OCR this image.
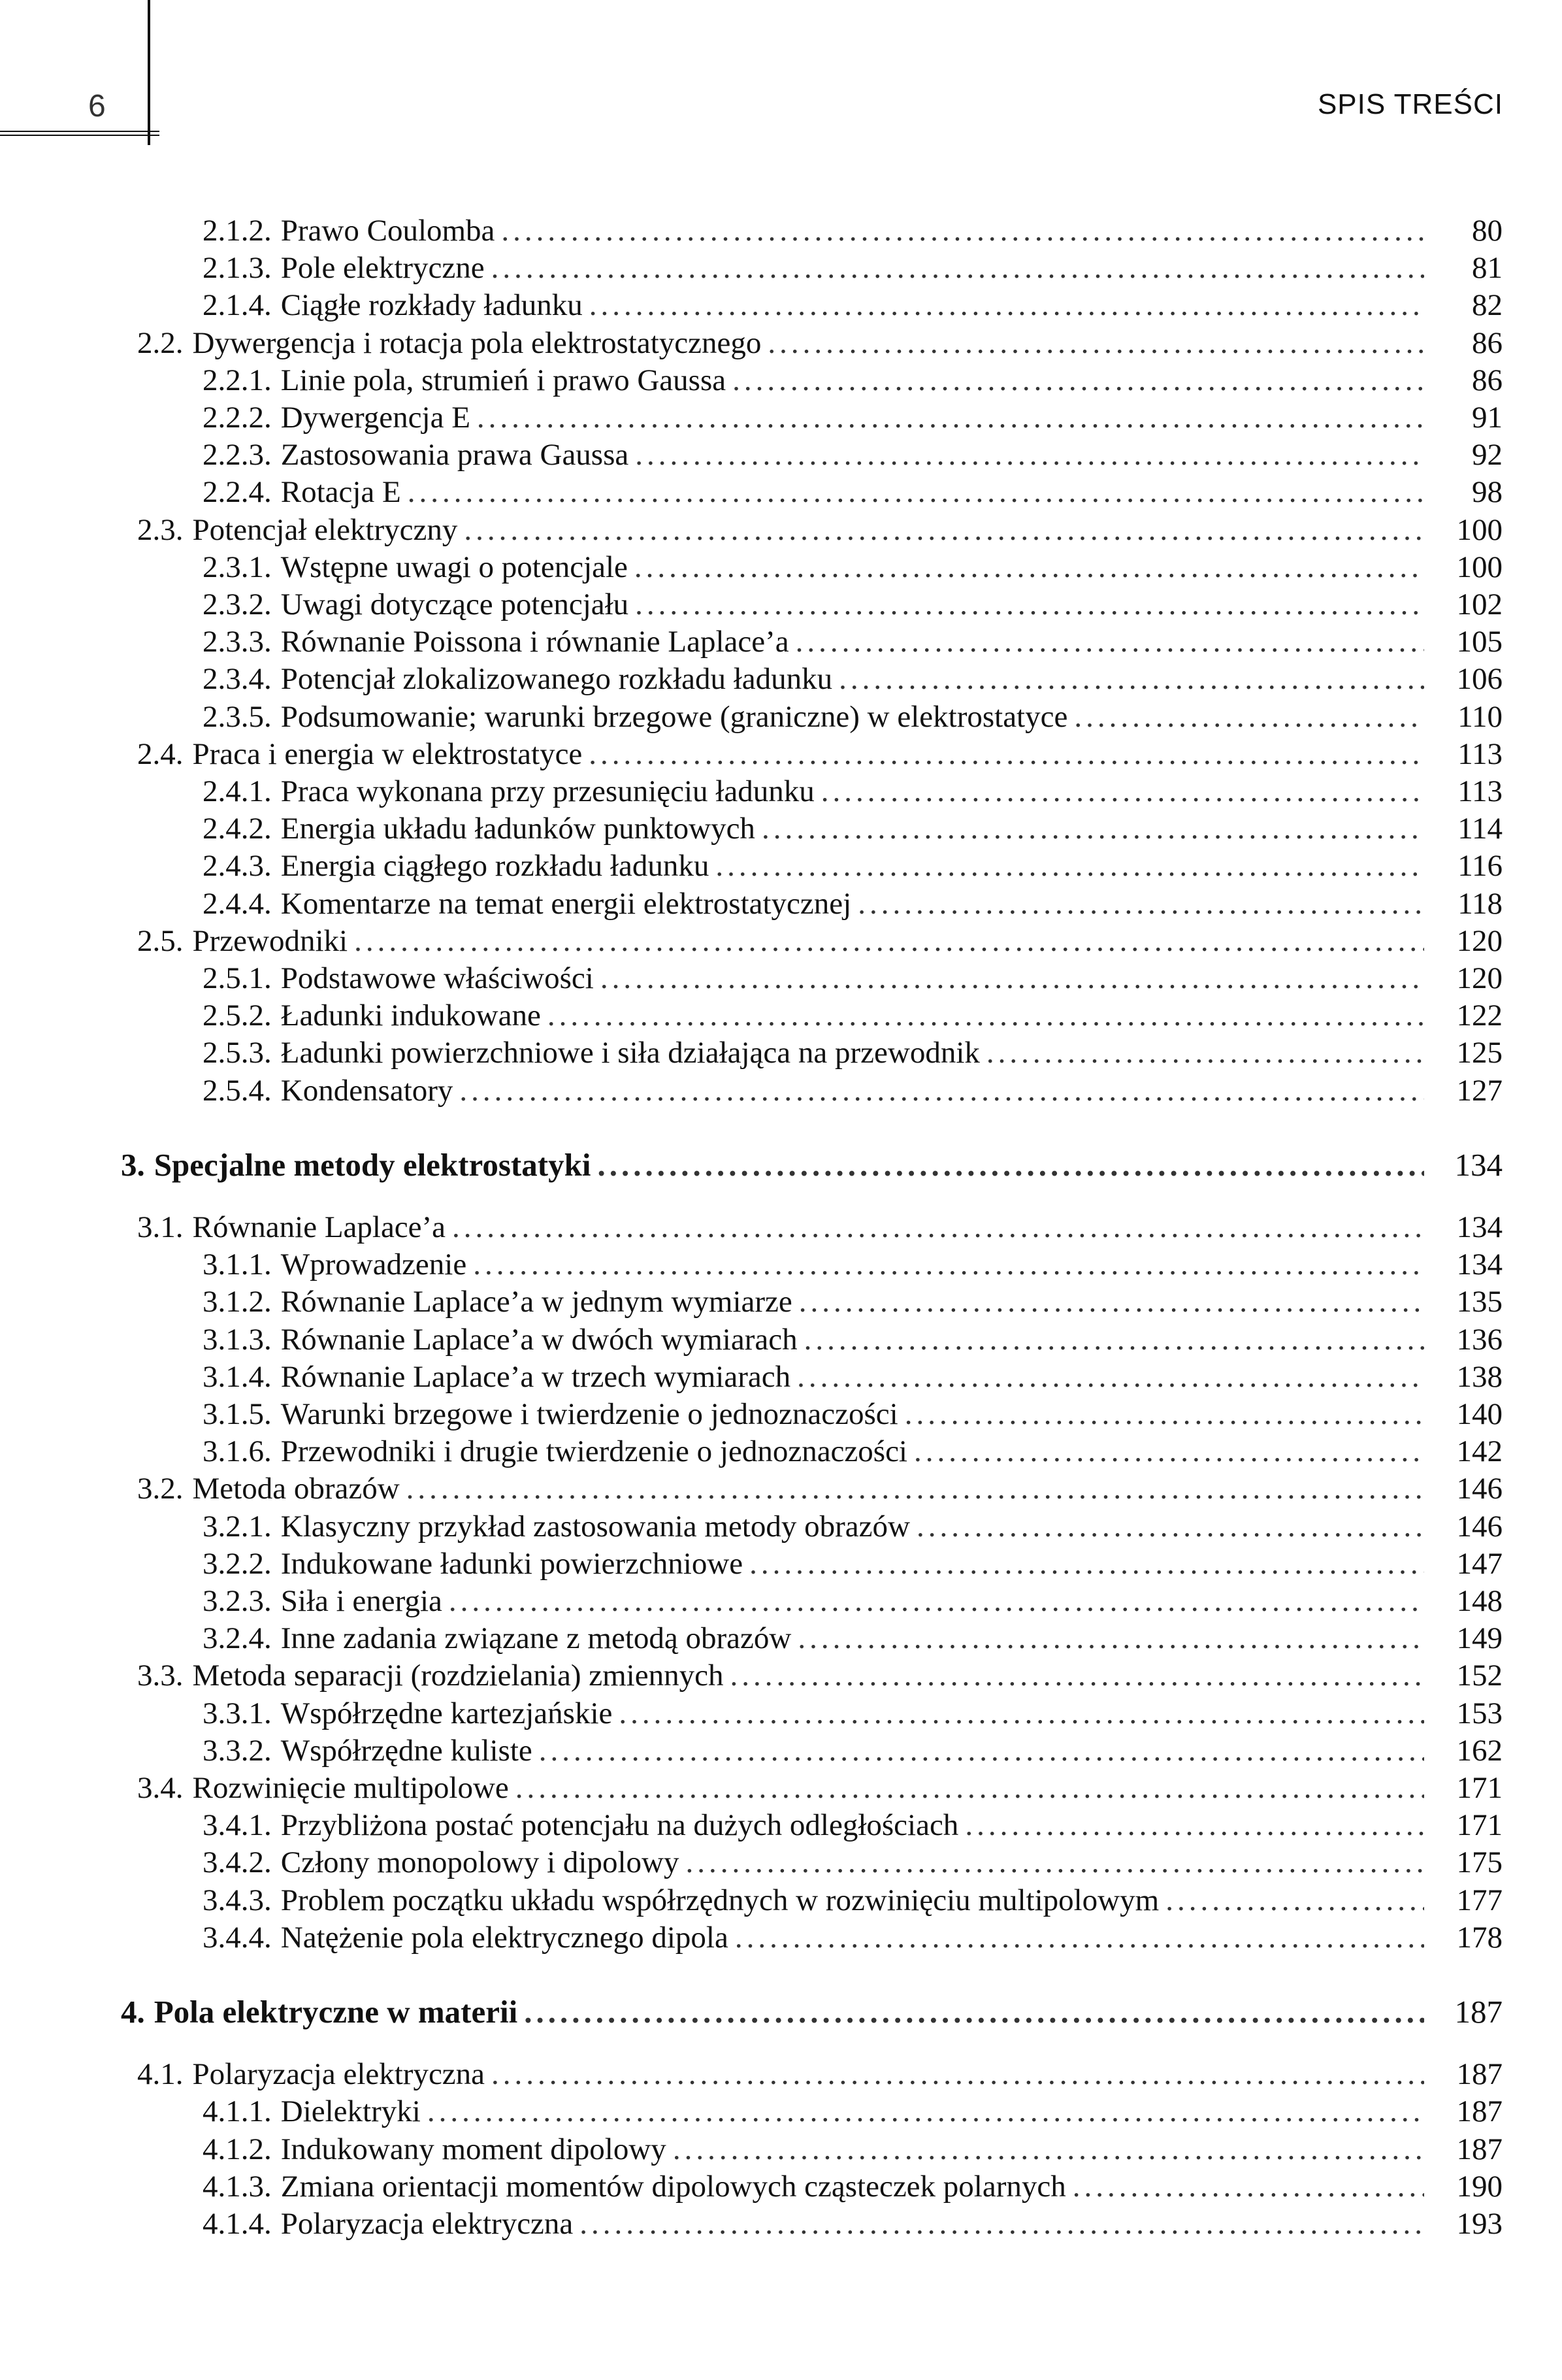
6	SPIS TREŚCI
2.1.2. Prawo Coulomba .....	80
2.1.3. Pole elektryczne .....	81
2.1.4. Ciągłe rozkłady ładunku .....	82
2.2. Dywergencja i rotacja pola elektrostatycznego .....	86
2.2.1. Linie pola, strumień i prawo Gaussa .....	86
2.2.2. Dywergencja E .....	91
2.2.3. Zastosowania prawa Gaussa .....	92
2.2.4. Rotacja E .....	98
2.3. Potencjał elektryczny .....	100
2.3.1. Wstępne uwagi o potencjale .....	100
2.3.2. Uwagi dotyczące potencjału .....	102
2.3.3. Równanie Poissona i równanie Laplace’a .....	105
2.3.4. Potencjał zlokalizowanego rozkładu ładunku .....	106
2.3.5. Podsumowanie; warunki brzegowe (graniczne) w elektrostatyce .....	110
2.4. Praca i energia w elektrostatyce .....	113
2.4.1. Praca wykonana przy przesunięciu ładunku .....	113
2.4.2. Energia układu ładunków punktowych .....	114
2.4.3. Energia ciągłego rozkładu ładunku .....	116
2.4.4. Komentarze na temat energii elektrostatycznej .....	118
2.5. Przewodniki .....	120
2.5.1. Podstawowe właściwości .....	120
2.5.2. Ładunki indukowane .....	122
2.5.3. Ładunki powierzchniowe i siła działająca na przewodnik .....	125
2.5.4. Kondensatory .....	127
3. Specjalne metody elektrostatyki .....	134
3.1. Równanie Laplace’a .....	134
3.1.1. Wprowadzenie .....	134
3.1.2. Równanie Laplace’a w jednym wymiarze .....	135
3.1.3. Równanie Laplace’a w dwóch wymiarach .....	136
3.1.4. Równanie Laplace’a w trzech wymiarach .....	138
3.1.5. Warunki brzegowe i twierdzenie o jednoznaczości .....	140
3.1.6. Przewodniki i drugie twierdzenie o jednoznaczości .....	142
3.2. Metoda obrazów .....	146
3.2.1. Klasyczny przykład zastosowania metody obrazów .....	146
3.2.2. Indukowane ładunki powierzchniowe .....	147
3.2.3. Siła i energia .....	148
3.2.4. Inne zadania związane z metodą obrazów .....	149
3.3. Metoda separacji (rozdzielania) zmiennych .....	152
3.3.1. Współrzędne kartezjańskie .....	153
3.3.2. Współrzędne kuliste .....	162
3.4. Rozwinięcie multipolowe .....	171
3.4.1. Przybliżona postać potencjału na dużych odległościach .....	171
3.4.2. Człony monopolowy i dipolowy .....	175
3.4.3. Problem początku układu współrzędnych w rozwinięciu multipolowym .....	177
3.4.4. Natężenie pola elektrycznego dipola .....	178
4. Pola elektryczne w materii .....	187
4.1. Polaryzacja elektryczna .....	187
4.1.1. Dielektryki .....	187
4.1.2. Indukowany moment dipolowy .....	187
4.1.3. Zmiana orientacji momentów dipolowych cząsteczek polarnych .....	190
4.1.4. Polaryzacja elektryczna .....	193
